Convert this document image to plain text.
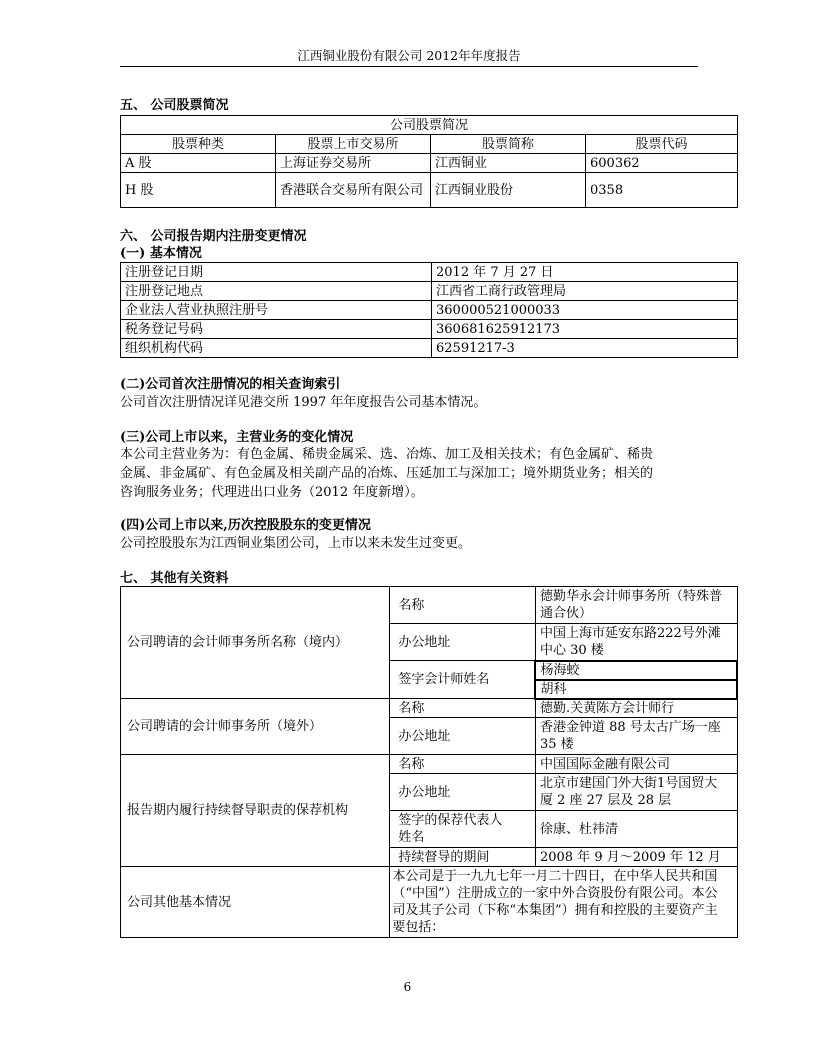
江西铜业股份有限公司 2012年年度报告
五、 公司股票简况
公司股票简况			
股票种类	股票上市交易所	股票简称	股票代码
A 股	上海证券交易所	江西铜业	600362
H 股	香港联合交易所有限公司	江西铜业股份	0358
六、 公司报告期内注册变更情况
(一) 基本情况
注册登记日期	2012 年 7 月 27 日
注册登记地点	江西省工商行政管理局
企业法人营业执照注册号	360000521000033
税务登记号码	360681625912173
组织机构代码	62591217-3
(二)公司首次注册情况的相关查询索引
公司首次注册情况详见港交所 1997 年年度报告公司基本情况。
(三)公司上市以来，主营业务的变化情况
本公司主营业务为：有色金属、稀贵金属采、选、冶炼、加工及相关技术；有色金属矿、稀贵
金属、非金属矿、有色金属及相关副产品的冶炼、压延加工与深加工；境外期货业务；相关的
咨询服务业务；代理进出口业务（2012 年度新增）。
(四)公司上市以来,历次控股股东的变更情况
公司控股股东为江西铜业集团公司，上市以来未发生过变更。
七、 其他有关资料
公司聘请的会计师事务所名称（境内）	名称	德勤华永会计师事务所（特殊普
通合伙）
	办公地址	中国上海市延安东路222号外滩
中心 30 楼
	签字会计师姓名	杨海蛟
		胡科
公司聘请的会计师事务所（境外）	名称	德勤.关黄陈方会计师行
	办公地址	香港金钟道 88 号太古广场一座
35 楼
报告期内履行持续督导职责的保荐机构	名称	中国国际金融有限公司
	办公地址	北京市建国门外大街1号国贸大
厦 2 座 27 层及 28 层
	签字的保荐代表人
姓名	徐康、杜祎清
	持续督导的期间	2008 年 9 月～2009 年 12 月
公司其他基本情况	本公司是于一九九七年一月二十四日，在中华人民共和国
（“中国”）注册成立的一家中外合资股份有限公司。本公
司及其子公司（下称“本集团”）拥有和控股的主要资产主
要包括：	
6
